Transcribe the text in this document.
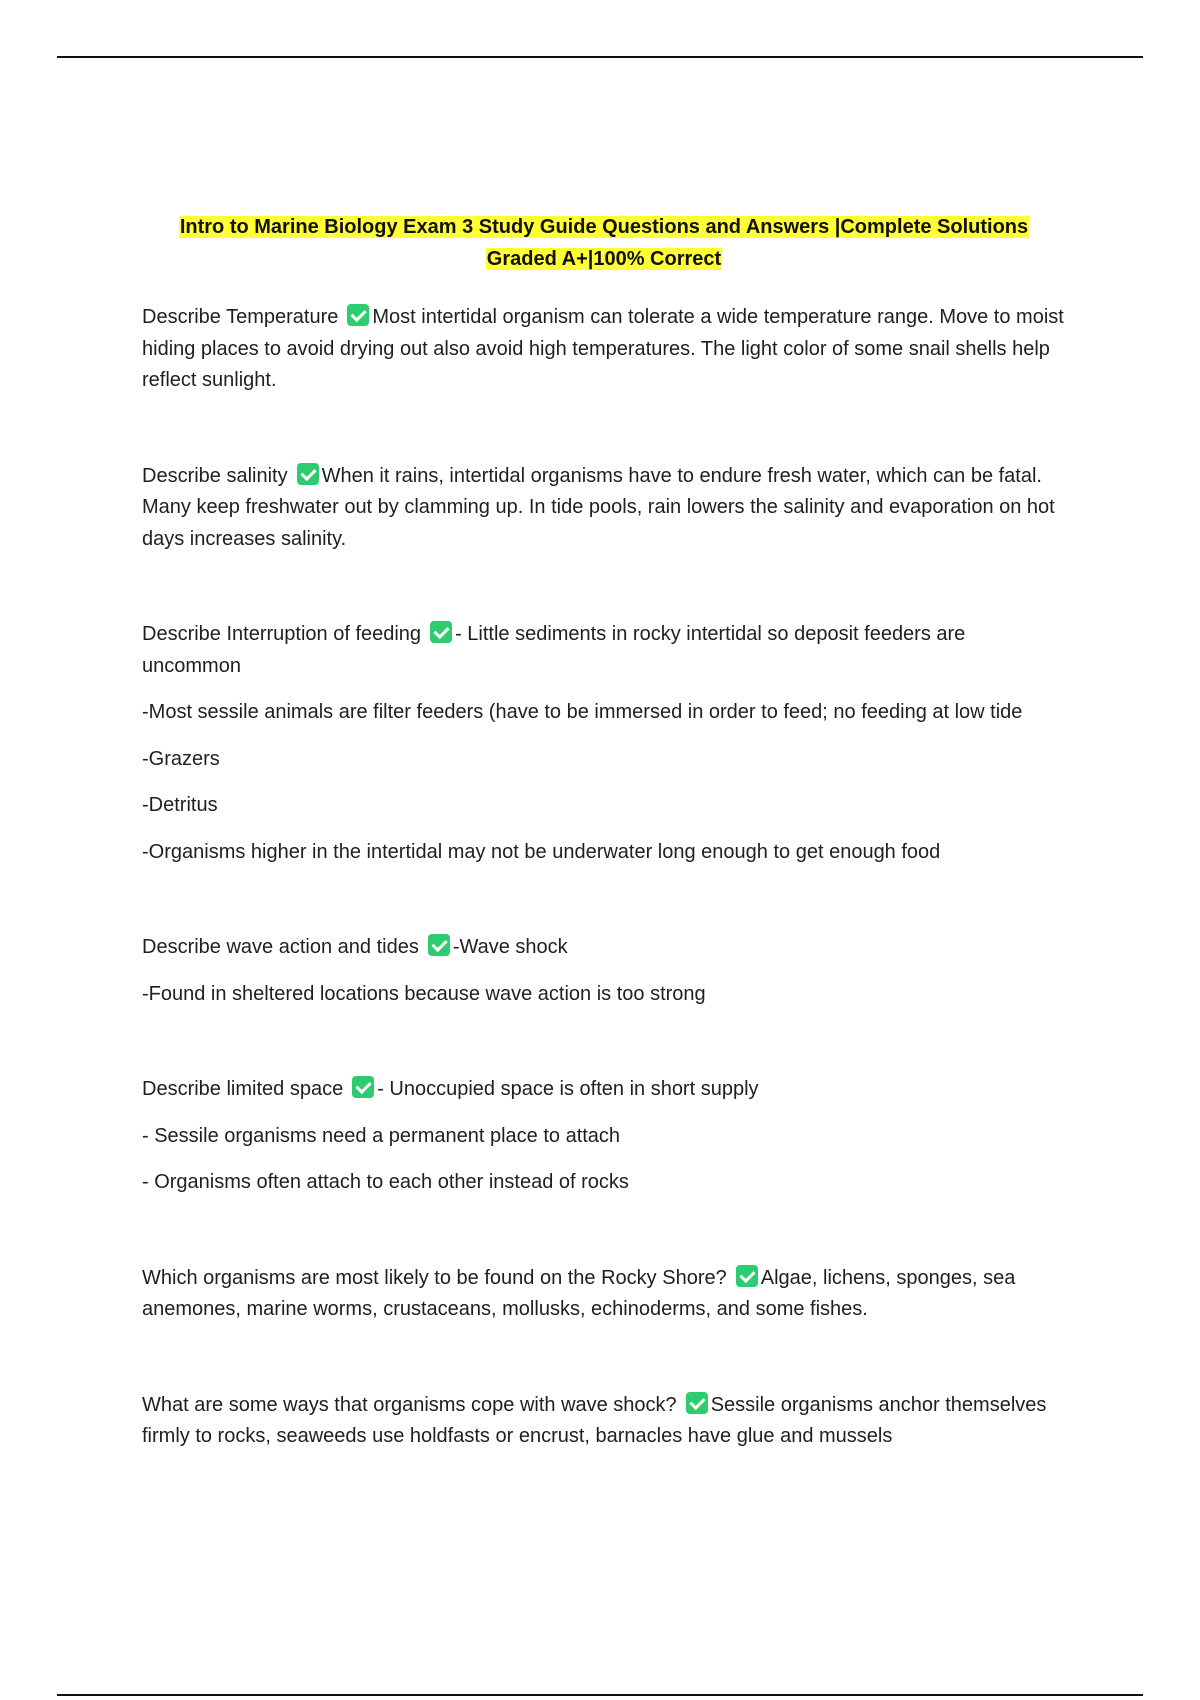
Intro to Marine Biology Exam 3 Study Guide Questions and Answers |Complete Solutions Graded A+|100% Correct

Describe Temperature Most intertidal organism can tolerate a wide temperature range. Move to moist hiding places to avoid drying out also avoid high temperatures. The light color of some snail shells help reflect sunlight.

Describe salinity When it rains, intertidal organisms have to endure fresh water, which can be fatal. Many keep freshwater out by clamming up. In tide pools, rain lowers the salinity and evaporation on hot days increases salinity.

Describe Interruption of feeding - Little sediments in rocky intertidal so deposit feeders are uncommon

-Most sessile animals are filter feeders (have to be immersed in order to feed; no feeding at low tide

-Grazers

-Detritus

-Organisms higher in the intertidal may not be underwater long enough to get enough food

Describe wave action and tides -Wave shock

-Found in sheltered locations because wave action is too strong

Describe limited space - Unoccupied space is often in short supply

- Sessile organisms need a permanent place to attach

- Organisms often attach to each other instead of rocks

Which organisms are most likely to be found on the Rocky Shore? Algae, lichens, sponges, sea anemones, marine worms, crustaceans, mollusks, echinoderms, and some fishes.

What are some ways that organisms cope with wave shock? Sessile organisms anchor themselves firmly to rocks, seaweeds use holdfasts or encrust, barnacles have glue and mussels
